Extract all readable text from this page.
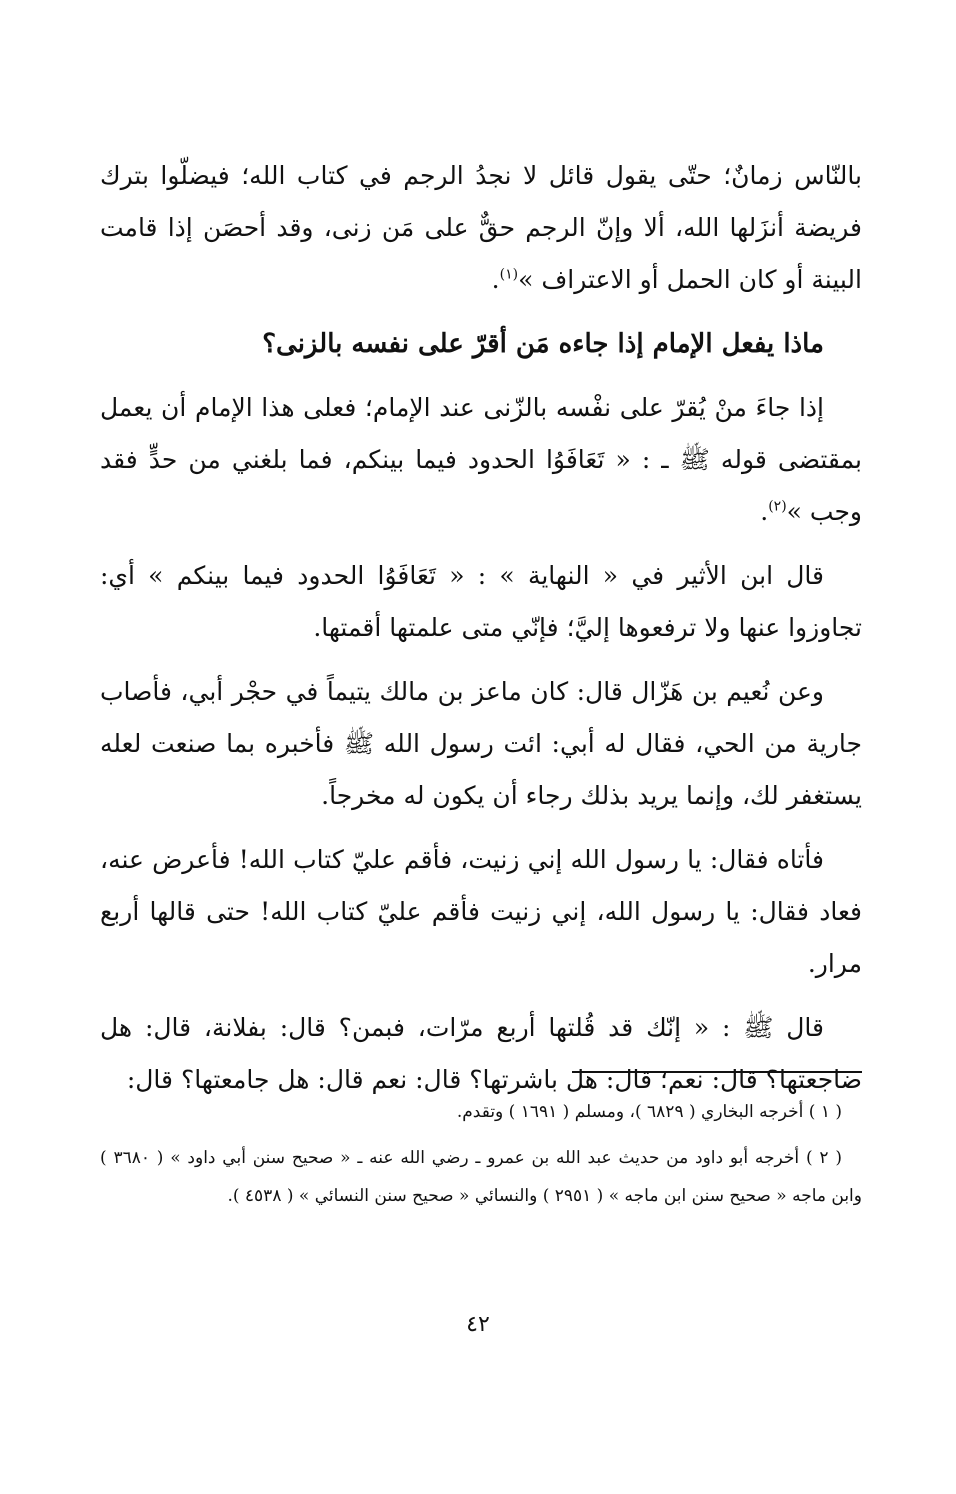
بالنّاس زمانٌ؛ حتّى يقول قائل لا نجدُ الرجم في كتاب الله؛ فيضلّوا بترك فريضة أنزَلها الله، ألا وإنّ الرجم حقٌّ على مَن زنى، وقد أحصَن إذا قامت البينة أو كان الحمل أو الاعتراف »$^{(١)}$.

ماذا يفعل الإمام إذا جاءه مَن أقرّ على نفسه بالزنى؟

إذا جاءَ منْ يُقرّ على نفْسه بالزّنى عند الإمام؛ فعلى هذا الإمام أن يعمل بمقتضى قوله ﷺ ـ : « تَعَافَوُا الحدود فيما بينكم، فما بلغني من حدٍّ فقد وجب »$^{(٢)}$.

قال ابن الأثير في « النهاية » : « تَعَافَوُا الحدود فيما بينكم » أي: تجاوزوا عنها ولا ترفعوها إليَّ؛ فإنّي متى علمتها أقمتها.

وعن نُعيم بن هَزّال قال: كان ماعز بن مالك يتيماً في حجْر أبي، فأصاب جارية من الحي، فقال له أبي: ائت رسول الله ﷺ فأخبره بما صنعت لعله يستغفر لك، وإنما يريد بذلك رجاء أن يكون له مخرجاً.

فأتاه فقال: يا رسول الله إني زنيت، فأقم عليّ كتاب الله! فأعرض عنه، فعاد فقال: يا رسول الله، إني زنيت فأقم عليّ كتاب الله! حتى قالها أربع مرار.

قال ﷺ : « إنّك قد قُلتها أربع مرّات، فبمن؟ قال: بفلانة، قال: هل ضاجعتها؟ قال: نعم؛ قال: هل باشرتها؟ قال: نعم قال: هل جامعتها؟ قال:

( ١ ) أخرجه البخاري ( ٦٨٢٩ )، ومسلم ( ١٦٩١ ) وتقدم.

( ٢ ) أخرجه أبو داود من حديث عبد الله بن عمرو ـ رضي الله عنه ـ « صحيح سنن أبي داود » ( ٣٦٨٠ ) وابن ماجه « صحيح سنن ابن ماجه » ( ٢٩٥١ ) والنسائي « صحيح سنن النسائي » ( ٤٥٣٨ ).

٤٢
